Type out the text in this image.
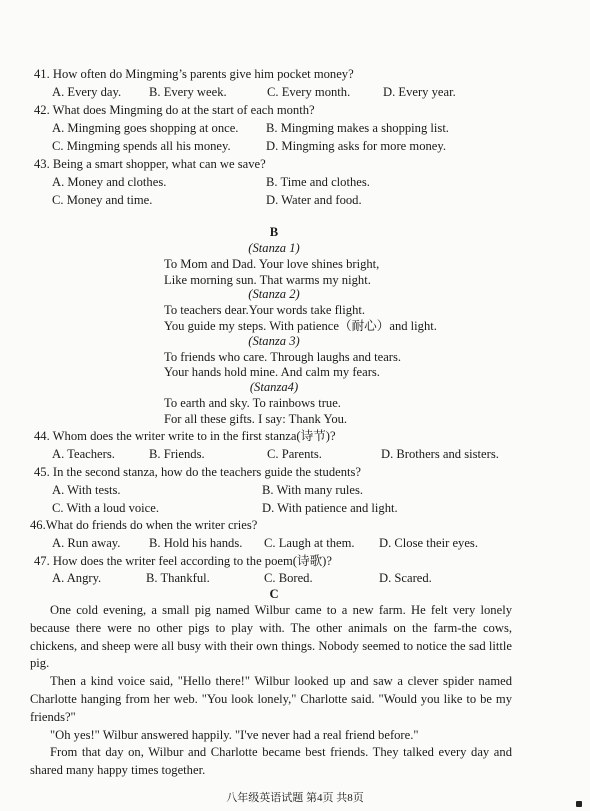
41. How often do Mingming’s parents give him pocket money?
A. Every day. B. Every week.	C. Every month.	D. Every year.
42. What does Mingming do at the start of each month?
A. Mingming goes shopping at once. B. Mingming makes a shopping list.
C. Mingming spends all his money.	D. Mingming asks for more money.
43. Being a smart shopper, what can we save?
A. Money and clothes.	B. Time and clothes.
C. Money and time.	D. Water and food.
B
(Stanza 1)
To Mom and Dad. Your love shines bright,
Like morning sun. That warms my night.
(Stanza 2)
To teachers dear.Your words take flight.
You guide my steps. With patience（耐心）and light.
(Stanza 3)
To friends who care. Through laughs and tears.
Your hands hold mine. And calm my fears.
(Stanza4)
To earth and sky. To rainbows true.
For all these gifts. I say: Thank You.
44. Whom does the writer write to in the first stanza(诗节)?
A. Teachers.	B. Friends.	C. Parents.	D. Brothers and sisters.
45. In the second stanza, how do the teachers guide the students?
A. With tests.	B. With many rules.
C. With a loud voice.	D. With patience and light.
46.What do friends do when the writer cries?
A. Run away. B. Hold his hands. C. Laugh at them. D. Close their eyes.
47. How does the writer feel according to the poem(诗歌)?
A. Angry.	B. Thankful.	C. Bored.	D. Scared.
C

One cold evening, a small pig named Wilbur came to a new farm. He felt very lonely because there were no other pigs to play with. The other animals on the farm-the cows, chickens, and sheep were all busy with their own things. Nobody seemed to notice the sad little pig.

Then a kind voice said, "Hello there!" Wilbur looked up and saw a clever spider named Charlotte hanging from her web. "You look lonely," Charlotte said. "Would you like to be my friends?"

"Oh yes!" Wilbur answered happily. "I've never had a real friend before."

From that day on, Wilbur and Charlotte became best friends. They talked every day and shared many happy times together.

八年级英语试题 第4页 共8页
